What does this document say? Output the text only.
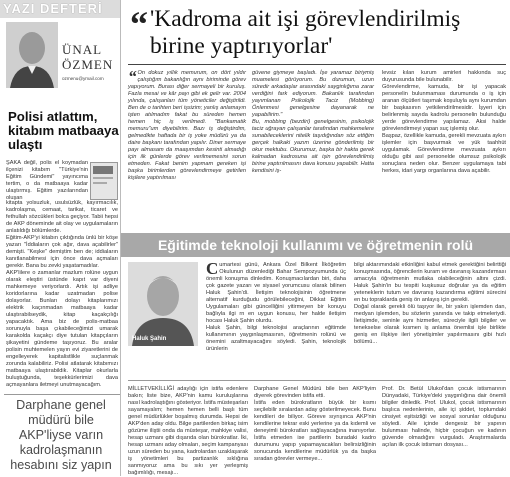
YAZI DEFTERİ
ÜNAL
ÖZMEN
ozmenu@ymail.com
Polisi atlattım, kitabım matbaaya ulaştı
ŞAKA değil, polis el koymadan ilçenizi kitabım "Türkiye'nin Eğitim Gündemi" yayıncıma tertim, o da matbaaya kadar ulaştırmış. Eğitim yazılarından oluşan
kitapta yolsuzluk, usulsüzlük, kayırmacılık, kadrolaşma, cemaat, tarikat, ticaret ve fethullah sözcükleri bolca geçiyor. Tabii hepsi de AKP döneminde ait olay ve uygulamaların anlatıldığı bölümlerde.
Eğitim-AKP'yi kitabın çıktığında ünlü bir köşe yazarı "İddiaların çok ağır, dava açabilirler" demişti. "Keşke" demiştim ben de; iddiaların kanıtlanabilmesi için önce dava açmaları gerekir. Bana bu zevki yaşatamadılar.
AKP'lilere o zamanlar mazlum rolüne uygun olarak eleştiri üstünde kapıt var diyeni mahkemeye veriyorlardı. Artık işi adliye koridorlarına kadar uzatmadan polise dolayorlar. Bunları dolayı kitaplarımızı elektrik kaçınmadan matbaaya kadar ulaştırabilseydik, kitap kaçakçılığı yapacaktık. Ama biz de polis-matbaa sorunuyla başa çıkabileceğimizi umarak karakolda kaçakçı diye tutulan kitapçıların şikayetini gündeme taşıyoruz. Bu aralar polisin muhtemelen yayın evi ziyaretlerini de engelleyerek kapitalistlikle suçlanmak zorunda kalabiliriz. Polisi atlatarak kitabımızı matbaaya ulaştırabildik. Kitaplar okurlarla buluştuğunda, teşekkürlerimizi dava açmayanlara iletmeyi unutmayacağım.
Darphane genel müdürü bile AKP'liyse varın kadrolaşmanın hesabını siz yapın
“ 'Kadroma ait işi görevlendirilmiş birine yaptırıyorlar'
“ On dokuz yıllık memurum, on dört yıldır çalıştığım bakanlığın aynı biriminde görev yapıyorum. Burası diğer sermayeli bir kuruluş. Fazla mesai ve kâr payı gibi ek gelir var. 2004 yılında, çalışanları tüm yöneticiler değiştirildi. Ben de o tarihten beri işsizim; yanlış anlamayın işten atılmadım fakat bu süreden hemen hemen hiç iş verilmedi. "Bankamatik memuru"um diyebilirim. Bazı iş değiştirdim, gelmedikte haftada bir iş yoke müdürü ya da daire başkanı tarafından yapılır. Diner sermaye payı almasam da maaşımdan kesinti almadığı için ilk günlerde görev verilmemesini sorun etmeden. Fakat benim yapmam gereken işi başka birimlerden görevlendirmeye getirilen kişilere yaptırılması
güvene giymeye başladı. İşe yaramaz biriymiş muamelesi görüyorum. Bu durumun, uzun süredir arkadaşlar arasındaki sayginlığıma zarar verdiğini fark ediyorum. Bakanlık tarafından yayımlanan Psikolojik Taciz (Mobbing) Önlenmesi genelgesine dayanarak ne yapabilirim."
Bu, mobbing (bezdiri) genelgesinin, psikolojik taciz uğrayan çalışanlar tarafından mahkemelere sunabileceklerini nitelik taşıdığından söz ettiğim gerçek halkaki yazım üzerine gönderilmiş bir okur mektubu. Okurumuz, başka bir hakta gerek kalmadan kadrosuna ait işin görevlendirilmiş birine yaptırılmasını dava konusu yapabilir. Hatta kendisini iş-
levsiz kılan kurum amirleri hakkında suç duyurusunda bile bulunabilir.
Görevlendirme, kamuda, bir işi yapacak personelin bulunmaması durumunda o iş için aranan ölçütleri taşımak koşuluyla aynı kurumdan bir başkasının yetkilendirilmesidir. İşyeri için belirlenmiş sayıda kadrolu personelin bulunduğu yerde görevlendirme yapılamaz. Aksi halde görevlendirmeyi yapan suç işlemiş olur.
Başpaz, özellikle kamuda, gerekli mevzuata aykırı işlemler için başvurmak ve yük taahhüt uygulamak. Görevlendirme mevzuata aykırı olduğu gibi asıl personelde olumsuz psikolojik sonuçlara neden olur. Benzer uygulamaya tabi herkes, idari yargı organlarına dava açabilir.
Eğitimde teknoloji kullanımı ve öğretmenin rolü
Haluk Şahin
Cumartesi günü, Ankara Özel Bilkent İlköğretim Okulunun düzenlediği Bahar Sempozyumunda üç önemli konuşma dinledim. Konuşmacılardan biri, daha çok gazete yazarı ve siyasel yorumcusu olarak bilinen Haluk Şahin'di. İletişim teknolojisinin öğretmene alternatif kurduğudu görülebileceğini, Dikkat Eğitim Uygulamaları gibi güncelliğini yitirmeyen bir konuyu bağlıyla ilgi rn en uygun konusu, her halde iletişim hocası Haluk Şahin olurdu.
Haluk Şahin, bilgi teknolojisi araçlarının eğitimde kullanımının yaygınlaşmasının, öğretmenin rolünü ve önemini azaltmayacağını söyledi. Şahin, teknolojik ürünlerin
bilgi aktarımındaki etkinliğini kabul etmek gerektiğini belirttiği konuşmasında, öğrencilerin kuram ve davranış kazandırması amacıyla öğretmenin mutlaka olabileceğinin altını çizdi. Haluk Şahin'in bu tespiti kuşkusuz doğrular ya da eğitim yeteneklerin tutum ve davranış kazandırma eğitimi sürecini en bu topraklarda geniş ön anlayış için gerekli.
Doğal olarak gerekli ölü taşıyor ile, bir yakın işlemden dan, medyan işlemden, bu sözlerin yanında ve takip etmeleriydi. İletişimde, seninle aynı hizmetler, süreciyle ilgili bilgiler ve tenekselse olarak kısmen iş anlama önemlisi işle birlikte geniş en ilişkiye ileri yönetişimler yapılırmasını gibi hızlı bölümü...
MİLLETVEKİLLİĞİ adaylığı için istifa edenlere bakın; liste bize, AKP'nin kamu kuruluşlarına nasıl kadrolaştığını gösteriyor. İstifa müsteşarları sayamayalım; hemen hemen belli başlı tüm genel müdürlükler boşalmış durumda. Hepsi de AKP'den aday oldu. Bilge partilerden birkaç isim gözüme iliştii onda da müsteşar, mahkiye valisi, hesap uzmanı gibi dışarıda olan bürokratlar. İki, hesap uzmanı aday olmaları, seçim kampanyası uzun süreden bu yana, kadrolardan uzaklaşarak iş yönetimleri bu partizanlık sıklığına sanmıyoruz ama bu sıkı yer yerleşmiş bağımlılığı, mesajı...
Darphane Genel Müdürü bile ben AKP'liyim diyerek görevinden istifa etti.
İstifa eden bürokratların büyük bir kısmı seçilebilir sıralardan aday gösterilmeyecek. Bunu kendileri de biliyor. Göreve sıyrışınca AKP'nin kendilerine tekrar eski yerlerine ya da kıdemli ve deneyimli bürokratları sağlayacağına inanıyorlar. İstifa etmeden ise partilerin buradaki kadro durumunu yapıp yapamayacakları belirsizliğinin sonucunda kendilerine müdürlük ya da başka sıradan görevler vermeye...
Prof. Dr. Betül Ulukol'dan çocuk istismarının Dünyadaki, Türkiye'deki yaygınlığına dair önemli bilgiler dinledik. Prof. Ulukol, çocuk istismarının başlıca nedenlerinin, aile içi şiddet, toplumdaki cinsiyet eşitsizliği ve sosyal sorunlar olduğunu söyledi. Aile içinde dengesiz bir yapının bulunması halinde, hiçbir çocuğun ve kadının güvende olmadığını vurguladı. Araştırmalarda açılan ilk çocuk istismarı dosyası...
